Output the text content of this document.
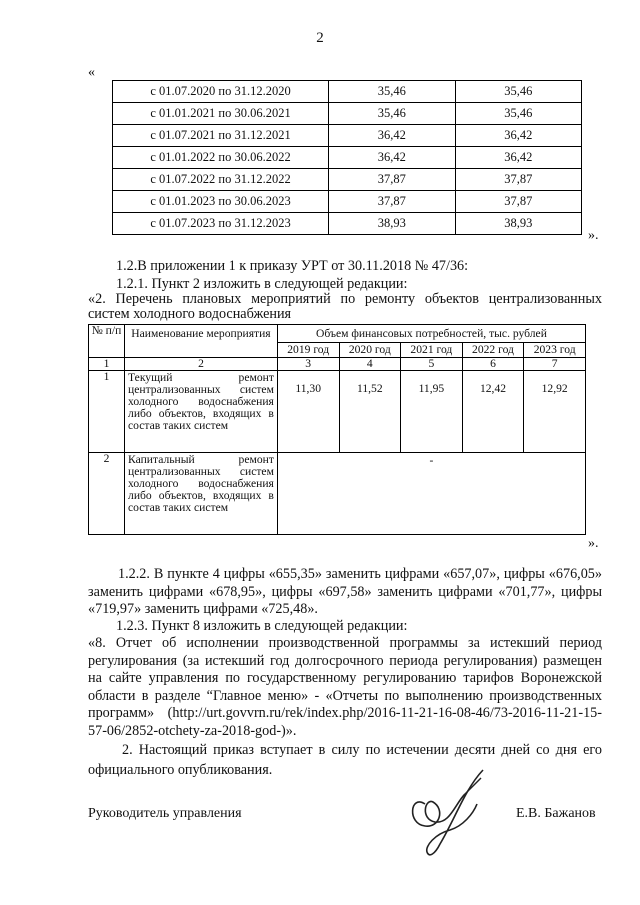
2
«
с 01.07.2020 по 31.12.2020	35,46	35,46
с 01.01.2021 по 30.06.2021	35,46	35,46
с 01.07.2021 по 31.12.2021	36,42	36,42
с 01.01.2022 по 30.06.2022	36,42	36,42
с 01.07.2022 по 31.12.2022	37,87	37,87
с 01.01.2023 по 30.06.2023	37,87	37,87
с 01.07.2023 по 31.12.2023	38,93	38,93
».
1.2.В приложении 1 к приказу УРТ от 30.11.2018 № 47/36:
1.2.1. Пункт 2 изложить в следующей редакции:
«2. Перечень плановых мероприятий по ремонту объектов централизованных систем холодного водоснабжения
№ п/п	Наименование мероприятия	Объем финансовых потребностей, тыс. рублей				
		2019 год	2020 год	2021 год	2022 год	2023 год
1	2	3	4	5	6	7
1	Текущий ремонт централизованных систем холодного водоснабжения либо объектов, входящих в состав таких систем	11,30	11,52	11,95	12,42	12,92
2	Капитальный ремонт централизованных систем холодного водоснабжения либо объектов, входящих в состав таких систем	-				
».
1.2.2. В пункте 4 цифры «655,35» заменить цифрами «657,07», цифры «676,05» заменить цифрами «678,95», цифры «697,58» заменить цифрами «701,77», цифры «719,97» заменить цифрами «725,48».
1.2.3. Пункт 8 изложить в следующей редакции:
«8. Отчет об исполнении производственной программы за истекший период регулирования (за истекший год долгосрочного периода регулирования) размещен на сайте управления по государственному регулированию тарифов Воронежской области в разделе “Главное меню» - «Отчеты по выполнению производственных программ» (http://urt.govvrn.ru/rek/index.php/2016-11-21-16-08-46/73-2016-11-21-15-57-06/2852-otchety-za-2018-god-)».
2. Настоящий приказ вступает в силу по истечении десяти дней со дня его официального опубликования.
Руководитель управления	Е.В. Бажанов
